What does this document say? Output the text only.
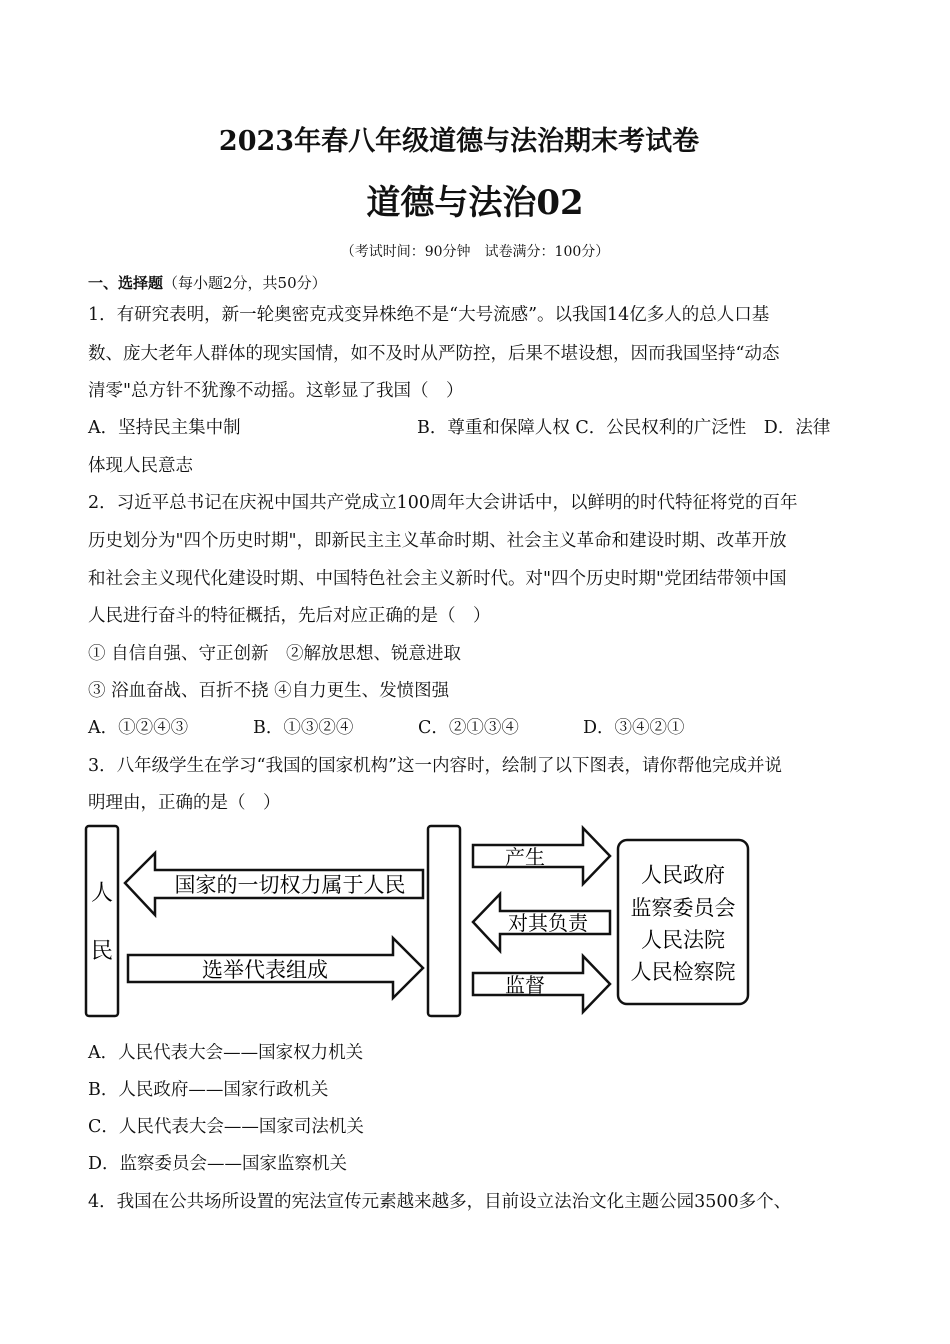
2023年春八年级道德与法治期末考试卷
道德与法治02
（考试时间：90分钟　试卷满分：100分）
一、选择题（每小题2分，共50分）
1．有研究表明，新一轮奥密克戎变异株绝不是“大号流感”。以我国14亿多人的总人口基
数、庞大老年人群体的现实国情，如不及时从严防控，后果不堪设想，因而我国坚持“动态
清零"总方针不犹豫不动摇。这彰显了我国（　）
A．坚持民主集中制	B．尊重和保障人权 C．公民权利的广泛性　D．法律
体现人民意志
2．习近平总书记在庆祝中国共产党成立100周年大会讲话中，以鲜明的时代特征将党的百年
历史划分为"四个历史时期"，即新民主主义革命时期、社会主义革命和建设时期、改革开放
和社会主义现代化建设时期、中国特色社会主义新时代。对"四个历史时期"党团结带领中国
人民进行奋斗的特征概括，先后对应正确的是（　）
① 自信自强、守正创新　②解放思想、锐意进取
③ 浴血奋战、百折不挠 ④自力更生、发愤图强
A．①②④③	B．①③②④	C．②①③④	D．③④②①
3．八年级学生在学习“我国的国家机构”这一内容时，绘制了以下图表，请你帮他完成并说
明理由，正确的是（　）
人
民
国家的一切权力属于人民
选举代表组成
产生
对其负责
监督
人民政府
监察委员会
人民法院
人民检察院
A．人民代表大会——国家权力机关
B．人民政府——国家行政机关
C．人民代表大会——国家司法机关
D．监察委员会——国家监察机关
4．我国在公共场所设置的宪法宣传元素越来越多，目前设立法治文化主题公园3500多个、
